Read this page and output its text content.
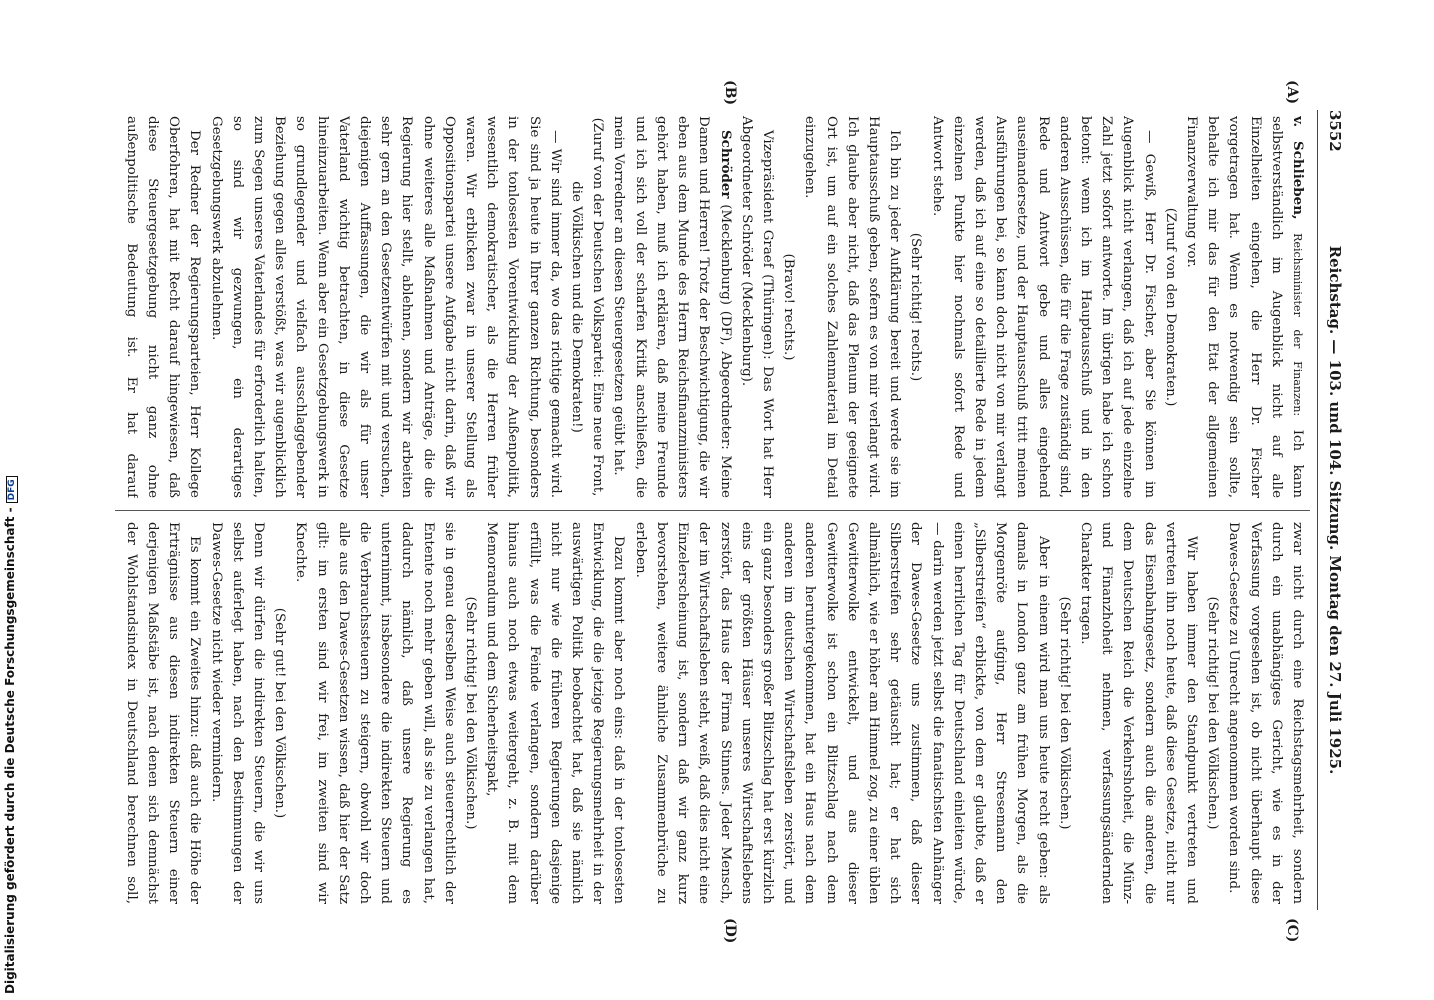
Digitalisierung gefördert durch die Deutsche Forschungsgemeinschaft -DFG
3552
Reichstag. — 103. und 104. Sitzung. Montag den 27. Juli 1925.
(A)
(B)
(C)
(D)

v. Schlieben, Reichsminister der Finanzen: Ich kann selbstverständlich im Augenblick nicht auf alle Einzelheiten eingehen, die Herr Dr. Fischer vorgetragen hat. Wenn es notwendig sein sollte, behalte ich mir das für den Etat der allgemeinen Finanzverwaltung vor.

(Zuruf von den Demokraten.)

— Gewiß, Herr Dr. Fischer, aber Sie können im Augenblick nicht verlangen, daß ich auf jede einzelne Zahl jetzt sofort antworte. Im übrigen habe ich schon betont: wenn ich im Hauptausschuß und in den anderen Ausschüssen, die für die Frage zuständig sind, Rede und Antwort gebe und alles eingehend auseinandersetze, und der Hauptausschuß tritt meinen Ausführungen bei, so kann doch nicht von mir verlangt werden, daß ich auf eine so detaillierte Rede in jedem einzelnen Punkte hier nochmals sofort Rede und Antwort stehe.

(Sehr richtig! rechts.)

Ich bin zu jeder Aufklärung bereit und werde sie im Hauptausschuß geben, sofern es von mir verlangt wird. Ich glaube aber nicht, daß das Plenum der geeignete Ort ist, um auf ein solches Zahlenmaterial im Detail einzugehen.

(Bravo! rechts.)

Vizepräsident Graef (Thüringen): Das Wort hat Herr Abgeordneter Schröder (Mecklenburg).

Schröder (Mecklenburg) (DF), Abgeordneter: Meine Damen und Herren! Trotz der Beschwichtigung, die wir eben aus dem Munde des Herrn Reichsfinanzministers gehört haben, muß ich erklären, daß meine Freunde und ich sich voll der scharfen Kritik anschließen, die mein Vorredner an diesen Steuergesetzen geübt hat.

(Zuruf von der Deutschen Volkspartei: Eine neue Front, die Völkischen und die Demokraten!)

— Wir sind immer da, wo das richtige gemacht wird. Sie sind ja heute in Ihrer ganzen Richtung, besonders in der tonlosesten Vorentwicklung der Außenpolitik, wesentlich demokratischer, als die Herren früher waren. Wir erblicken zwar in unserer Stellung als Oppositionspartei unsere Aufgabe nicht darin, daß wir ohne weiteres alle Maßnahmen und Anträge, die die Regierung hier stellt, ablehnen, sondern wir arbeiten sehr gern an den Gesetzentwürfen mit und versuchen, diejenigen Auffassungen, die wir als für unser Vaterland wichtig betrachten, in diese Gesetze hineinzuarbeiten. Wenn aber ein Gesetzgebungswerk in so grundlegender und vielfach ausschlaggebender Beziehung gegen alles verstößt, was wir augenblicklich zum Segen unseres Vaterlandes für erforderlich halten, so sind wir gezwungen, ein derartiges Gesetzgebungswerk abzulehnen.

Der Redner der Regierungsparteien, Herr Kollege Oberfohren, hat mit Recht darauf hingewiesen, daß diese Steuergesetzgebung nicht ganz ohne außenpolitische Bedeutung ist. Er hat darauf

zwar nicht durch eine Reichstagsmehrheit, sondern durch ein unabhängiges Gericht, wie es in der Verfassung vorgesehen ist, ob nicht überhaupt diese Dawes-Gesetze zu Unrecht angenommen worden sind.

(Sehr richtig! bei den Völkischen.)

Wir haben immer den Standpunkt vertreten und vertreten ihn noch heute, daß diese Gesetze, nicht nur das Eisenbahngesetz, sondern auch die anderen, die dem Deutschen Reich die Verkehrshoheit, die Münz- und Finanzhoheit nehmen, verfassungsändernden Charakter tragen.

(Sehr richtig! bei den Völkischen.)

Aber in einem wird man uns heute recht geben: als damals in London ganz am frühen Morgen, als die Morgenröte aufging, Herr Stresemann den „Silberstreifen“ erblickte, von dem er glaubte, daß er einen herrlichen Tag für Deutschland einleiten würde, — darin werden jetzt selbst die fanatischsten Anhänger der Dawes-Gesetze uns zustimmen, daß dieser Silberstreifen sehr getäuscht hat; er hat sich allmählich, wie er höher am Himmel zog, zu einer üblen Gewitterwolke entwickelt, und aus dieser Gewitterwolke ist schon ein Blitzschlag nach dem anderen heruntergekommen, hat ein Haus nach dem anderen im deutschen Wirtschaftsleben zerstört, und ein ganz besonders großer Blitzschlag hat erst kürzlich eins der größten Häuser unseres Wirtschaftslebens zerstört, das Haus der Firma Stinnes. Jeder Mensch, der im Wirtschaftsleben steht, weiß, daß dies nicht eine Einzelerscheinung ist, sondern daß wir ganz kurz bevorstehen, weitere ähnliche Zusammenbrüche zu erleben.

Dazu kommt aber noch eins: daß in der tonlosesten Entwicklung, die die jetzige Regierungsmehrheit in der auswärtigen Politik beobachtet hat, daß sie nämlich nicht nur wie die früheren Regierungen dasjenige erfüllt, was die Feinde verlangen, sondern darüber hinaus auch noch etwas weitergeht, z. B. mit dem Memorandum und dem Sicherheitspakt,

(Sehr richtig! bei den Völkischen.)

sie in genau derselben Weise auch steuerrechtlich der Entente noch mehr geben will, als sie zu verlangen hat, dadurch nämlich, daß unsere Regierung es unternimmt, insbesondere die indirekten Steuern und die Verbrauchssteuern zu steigern, obwohl wir doch alle aus den Dawes-Gesetzen wissen, daß hier der Satz gilt: im ersten sind wir frei, im zweiten sind wir Knechte.

(Sehr gut! bei den Völkischen.)

Denn wir dürfen die indirekten Steuern, die wir uns selbst auferlegt haben, nach den Bestimmungen der Dawes-Gesetze nicht wieder vermindern.

Es kommt ein Zweites hinzu: daß auch die Höhe der Erträgnisse aus diesen indirekten Steuern einer derjenigen Maßstäbe ist, nach denen sich demnächst der Wohlstandsindex in Deutschland berechnen soll,
